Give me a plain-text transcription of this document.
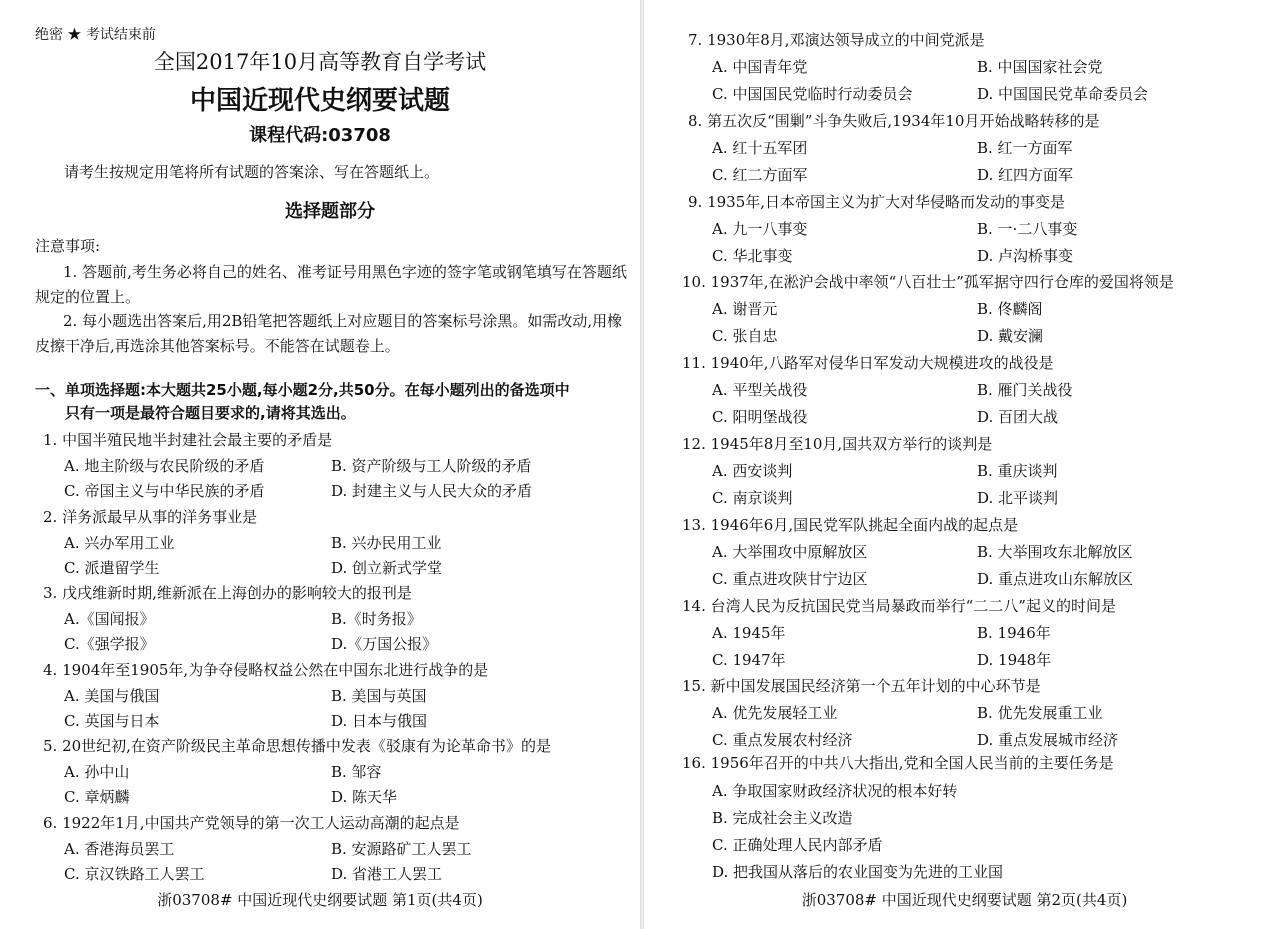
绝密 ★ 考试结束前
全国2017年10月高等教育自学考试
中国近现代史纲要试题
课程代码:03708
请考生按规定用笔将所有试题的答案涂、写在答题纸上。
选择题部分
注意事项:
1. 答题前,考生务必将自己的姓名、准考证号用黑色字迹的签字笔或钢笔填写在答题纸规定的位置上。
2. 每小题选出答案后,用2B铅笔把答题纸上对应题目的答案标号涂黑。如需改动,用橡皮擦干净后,再选涂其他答案标号。不能答在试题卷上。
一、单项选择题:本大题共25小题,每小题2分,共50分。在每小题列出的备选项中
只有一项是最符合题目要求的,请将其选出。
1. 中国半殖民地半封建社会最主要的矛盾是
A. 地主阶级与农民阶级的矛盾	B. 资产阶级与工人阶级的矛盾
C. 帝国主义与中华民族的矛盾	D. 封建主义与人民大众的矛盾
2. 洋务派最早从事的洋务事业是
A. 兴办军用工业	B. 兴办民用工业
C. 派遣留学生	D. 创立新式学堂
3. 戊戌维新时期,维新派在上海创办的影响较大的报刊是
A.《国闻报》	B.《时务报》
C.《强学报》	D.《万国公报》
4. 1904年至1905年,为争夺侵略权益公然在中国东北进行战争的是
A. 美国与俄国	B. 美国与英国
C. 英国与日本	D. 日本与俄国
5. 20世纪初,在资产阶级民主革命思想传播中发表《驳康有为论革命书》的是
A. 孙中山	B. 邹容
C. 章炳麟	D. 陈天华
6. 1922年1月,中国共产党领导的第一次工人运动高潮的起点是
A. 香港海员罢工	B. 安源路矿工人罢工
C. 京汉铁路工人罢工	D. 省港工人罢工
浙03708# 中国近现代史纲要试题 第1页(共4页)
7. 1930年8月,邓演达领导成立的中间党派是
A. 中国青年党	B. 中国国家社会党
C. 中国国民党临时行动委员会	D. 中国国民党革命委员会
8. 第五次反“围剿”斗争失败后,1934年10月开始战略转移的是
A. 红十五军团	B. 红一方面军
C. 红二方面军	D. 红四方面军
9. 1935年,日本帝国主义为扩大对华侵略而发动的事变是
A. 九一八事变	B. 一·二八事变
C. 华北事变	D. 卢沟桥事变
10. 1937年,在淞沪会战中率领“八百壮士”孤军据守四行仓库的爱国将领是
A. 谢晋元	B. 佟麟阁
C. 张自忠	D. 戴安澜
11. 1940年,八路军对侵华日军发动大规模进攻的战役是
A. 平型关战役	B. 雁门关战役
C. 阳明堡战役	D. 百团大战
12. 1945年8月至10月,国共双方举行的谈判是
A. 西安谈判	B. 重庆谈判
C. 南京谈判	D. 北平谈判
13. 1946年6月,国民党军队挑起全面内战的起点是
A. 大举围攻中原解放区	B. 大举围攻东北解放区
C. 重点进攻陕甘宁边区	D. 重点进攻山东解放区
14. 台湾人民为反抗国民党当局暴政而举行“二二八”起义的时间是
A. 1945年	B. 1946年
C. 1947年	D. 1948年
15. 新中国发展国民经济第一个五年计划的中心环节是
A. 优先发展轻工业	B. 优先发展重工业
C. 重点发展农村经济	D. 重点发展城市经济
16. 1956年召开的中共八大指出,党和全国人民当前的主要任务是
A. 争取国家财政经济状况的根本好转
B. 完成社会主义改造
C. 正确处理人民内部矛盾
D. 把我国从落后的农业国变为先进的工业国
浙03708# 中国近现代史纲要试题 第2页(共4页)
